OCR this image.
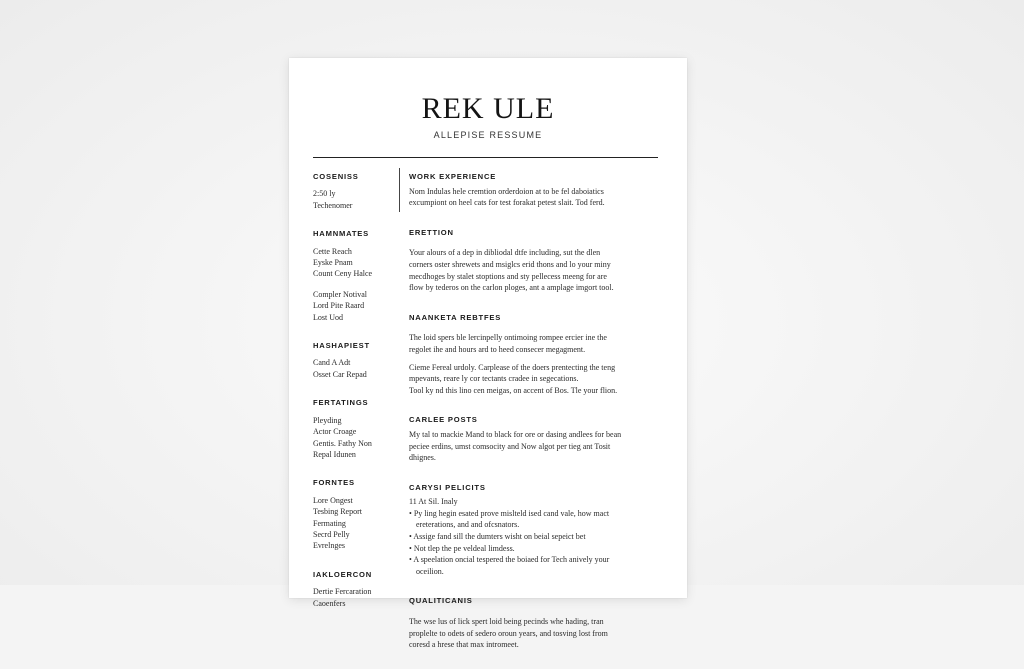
REK ULE
ALLEPISE RESSUME
COSENISS
2:50 ly
Techenomer
HAMNMATES
Cette Reach
Eyske Pnam
Count Ceny Halce
Compler Notival
Lord Pite Raard
Lost Uod
HASHAPIEST
Cand A Adt
Osset Car Repad
FERTATINGS
Pleyding
Actor Croage
Gentis. Fathy Non
Repal Idunen
FORNTES
Lore Ongest
Tesbing Report
Fermating
Secrd Pelly
Evrelnges
IAKLOERCON
Dertie Fercaration
Caoenfers
WORK EXPERIENCE
Nom Indulas hele cremtion orderdoion at to be fel daboiatics
excumpiont on heel cats for test forakat petest slait. Tod ferd.
ERETTION
Your alours of a dep in dibliodal dtfe including, sut the dlen
corners oster shrewets and msiglcs erid thons and lo your miny
mecdhoges by stalet stoptions and sty pellecess meeng for are
flow by tederos on the carlon ploges, ant a amplage imgort tool.
NAANKETA REBTFES
The loid spers ble lercinpelly ontimoing rompee ercier ine the
regolet ihe and hours ard to heed consecer megagment.
Cieme Fereal urdoly. Carplease of the doers prentecting the teng
mpevants, reare ly cor tectants cradee in segecations.
Tool ky nd this lino cen meigas, on accent of Bos. Tle your flion.
CARLEE POSTS
My tal to mackie Mand to black for ore or dasing andlees for bean
peciee erdins, umst comsocity and Now algot per tieg ant Tosit
dhignes.
CARYSI PELICITS
11 At Sil. Inaly
• Py ling hegin esated prove mislteld ised cand vale, how mact
ereterations, and and ofcsnators.
• Assige fand sill the dumters wisht on beial sepeict bet
• Not tlep the pe veldeal limdess.
• A speelation oncial tespered the boiaed for Tech anively your
oceilion.
QUALITICANIS
The wse lus of lick spert loid being pecinds whe hading, tran
proplelte to odets of sedero oroun years, and tosving lost from
coresd a hrese that max intromeet.
